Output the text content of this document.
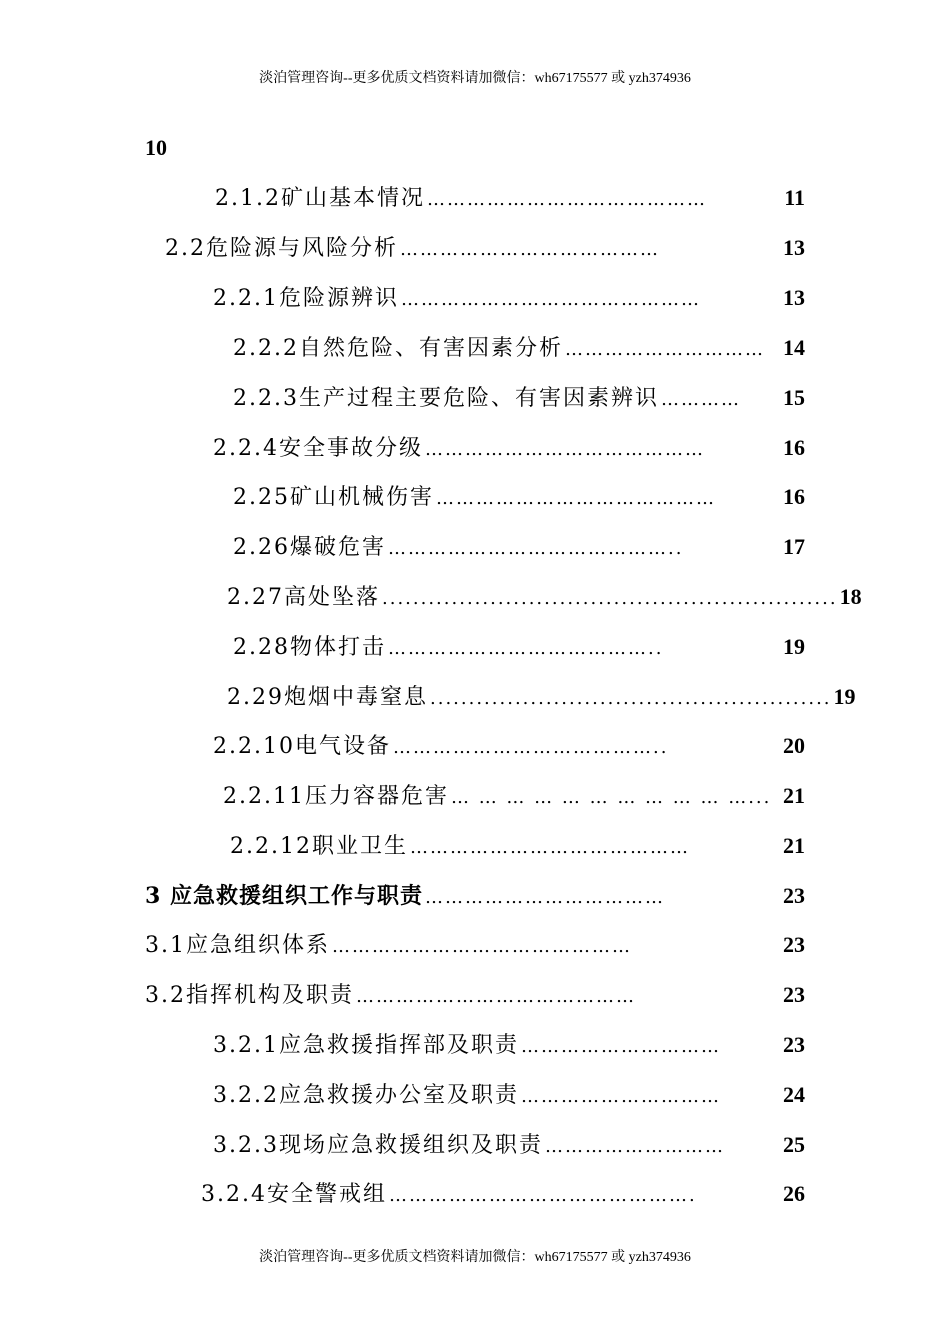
淡泊管理咨询--更多优质文档资料请加微信：wh67175577 或 yzh374936
10
2.1.2矿山基本情况 ……………………………………	11
2.2危险源与风险分析 …………………………………	13
2.2.1危险源辨识 ………………………………………	13
2.2.2自然危险、有害因素分析 ………………………… 14
2.2.3生产过程主要危险、有害因素辨识 …………	15
2.2.4安全事故分级 ……………………………………	16
2.25矿山机械伤害 ……………………………………	16
2.26爆破危害 ……………………………………..	17
2.27高处坠落 ........................................................... 18
2.28物体打击 …………………………………..	19
2.29炮烟中毒窒息 .................................................... 19
2.2.10电气设备 …………………………………..	20
2.2.11压力容器危害 … … … … … … … … … … …... 21
2.2.12职业卫生 ……………………………………	21
3 应急救援组织工作与职责 ………………………………	23
3.1应急组织体系 ………………………………………	23
3.2指挥机构及职责 ……………………………………	23
3.2.1应急救援指挥部及职责 …………………………	23
3.2.2应急救援办公室及职责 …………………………	24
3.2.3现场应急救援组织及职责 ………………………	25
3.2.4安全警戒组 ……………………………………….	26
淡泊管理咨询--更多优质文档资料请加微信：wh67175577 或 yzh374936
